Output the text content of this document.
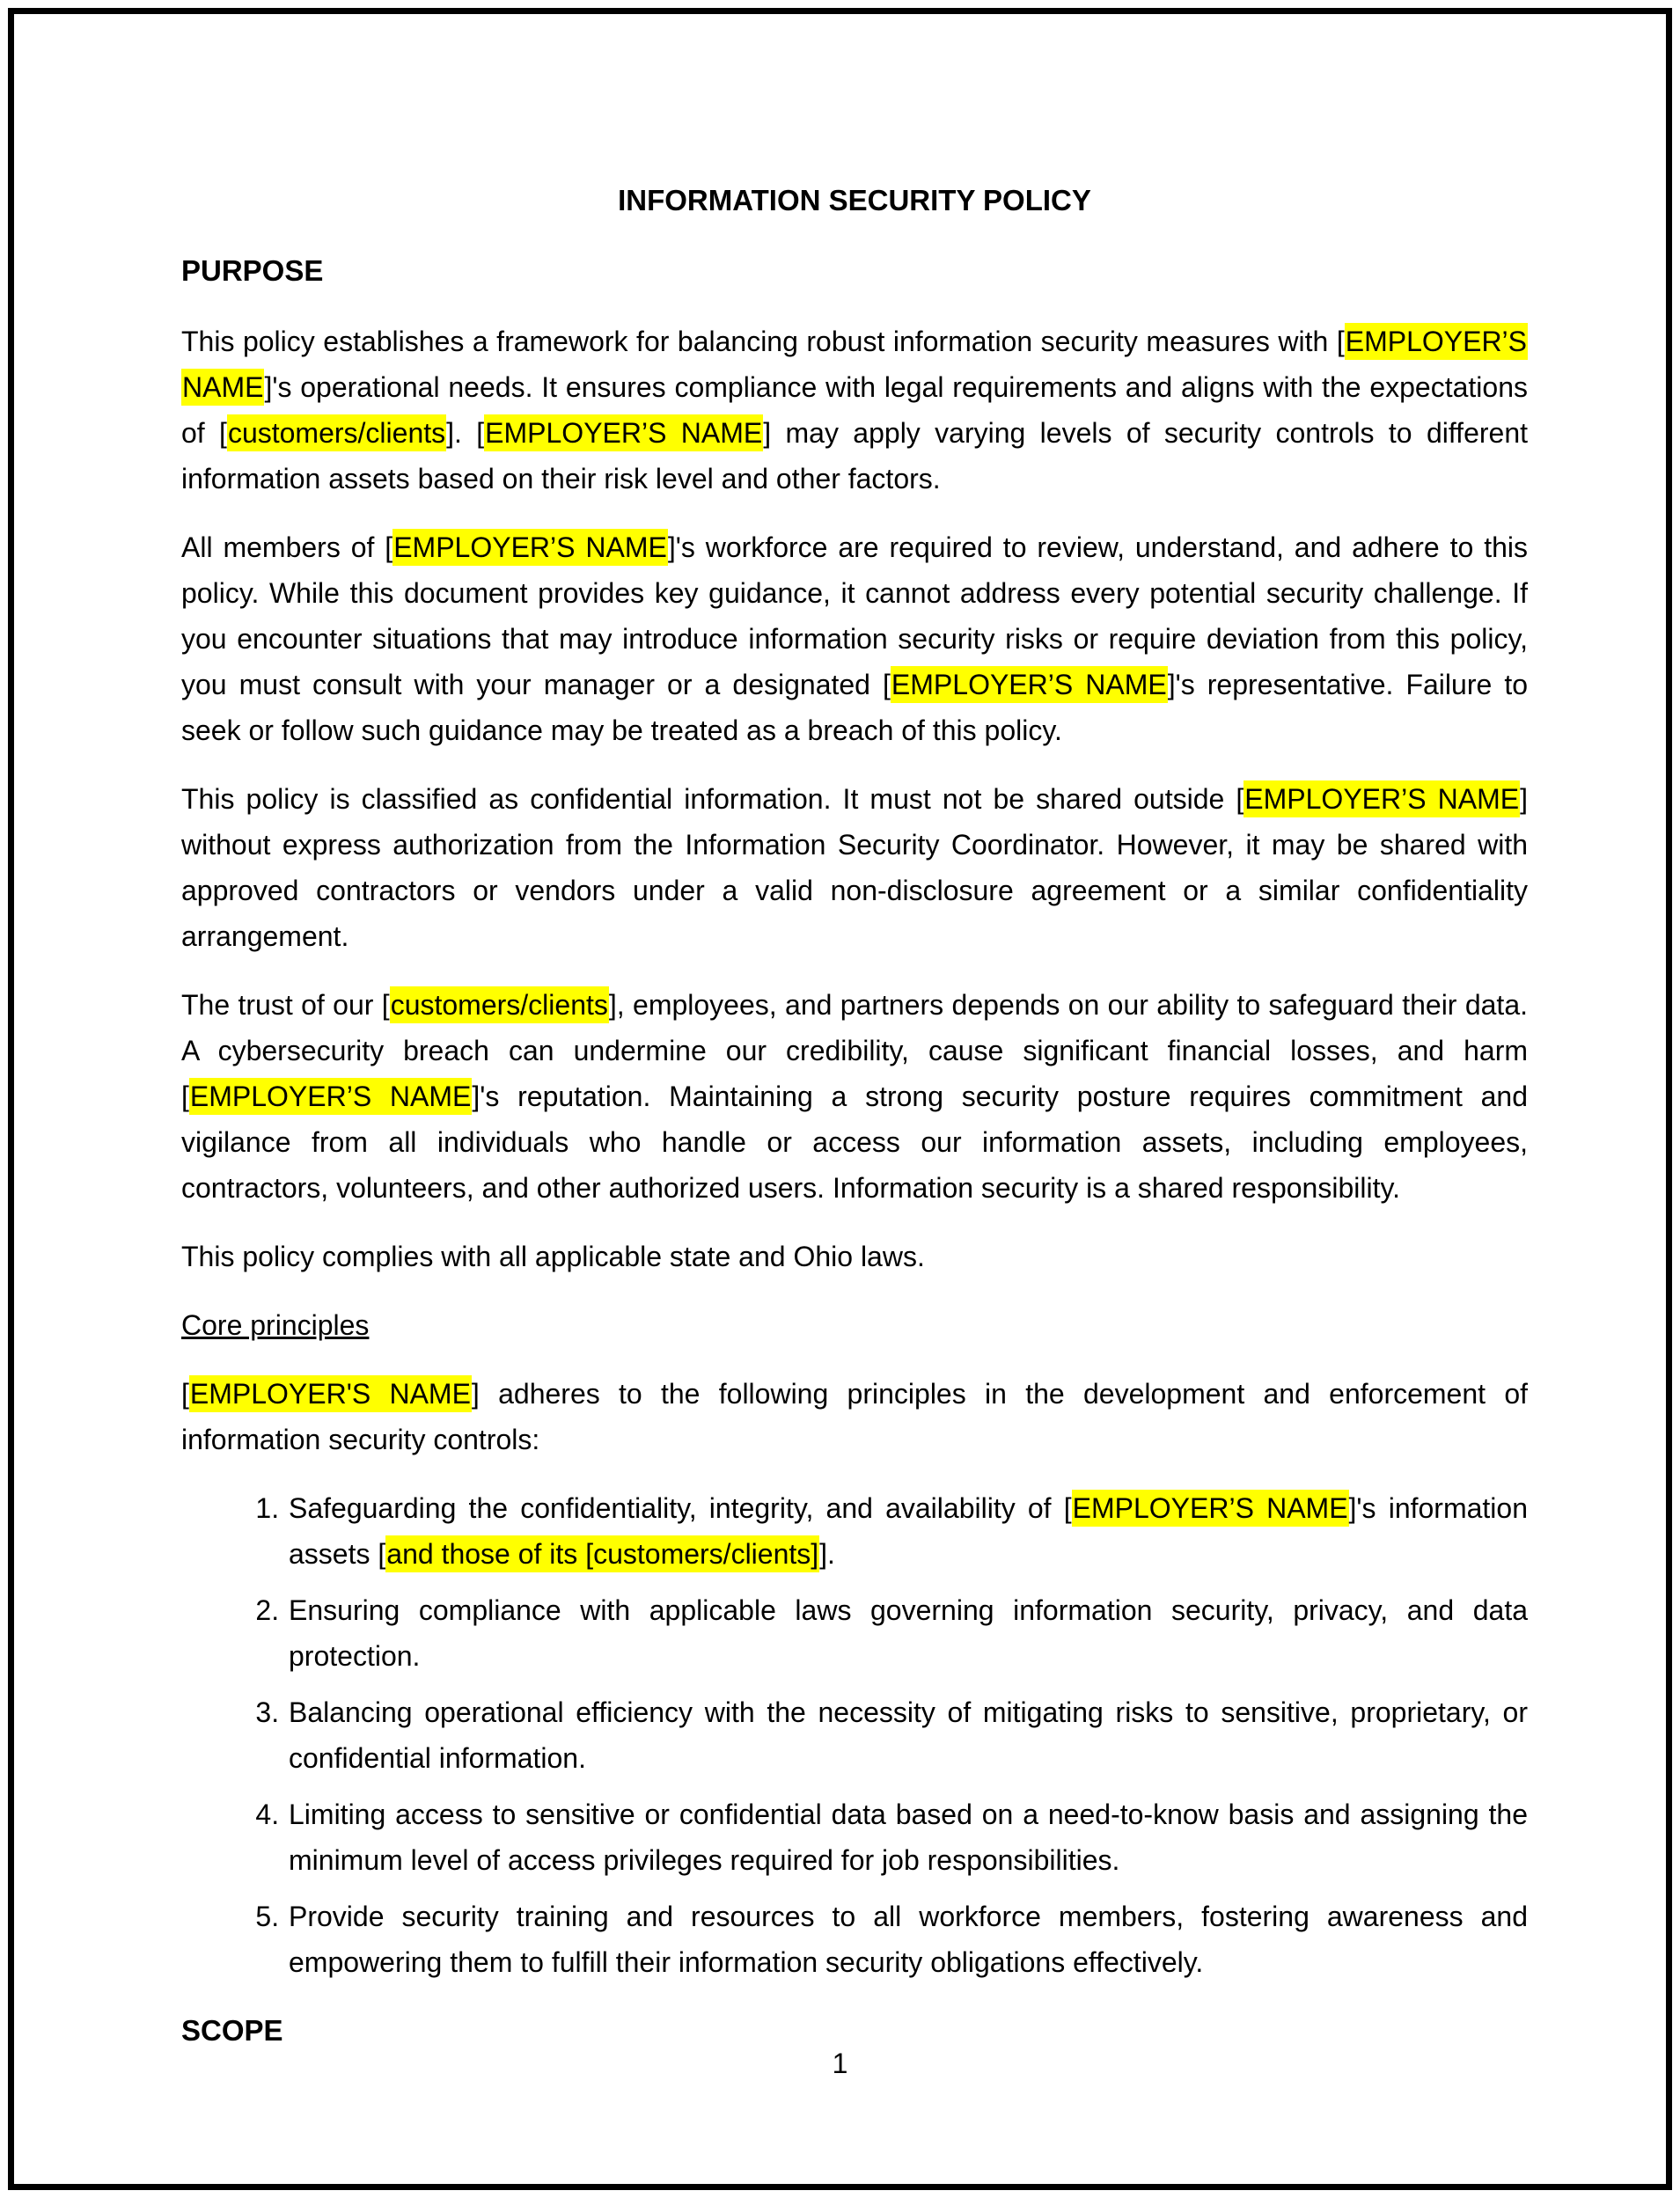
INFORMATION SECURITY POLICY
PURPOSE

This policy establishes a framework for balancing robust information security measures with [EMPLOYER’S NAME]'s operational needs. It ensures compliance with legal requirements and aligns with the expectations of [customers/clients]. [EMPLOYER’S NAME] may apply varying levels of security controls to different information assets based on their risk level and other factors.

All members of [EMPLOYER’S NAME]'s workforce are required to review, understand, and adhere to this policy. While this document provides key guidance, it cannot address every potential security challenge. If you encounter situations that may introduce information security risks or require deviation from this policy, you must consult with your manager or a designated [EMPLOYER’S NAME]'s representative. Failure to seek or follow such guidance may be treated as a breach of this policy.

This policy is classified as confidential information. It must not be shared outside [EMPLOYER’S NAME] without express authorization from the Information Security Coordinator. However, it may be shared with approved contractors or vendors under a valid non-disclosure agreement or a similar confidentiality arrangement.

The trust of our [customers/clients], employees, and partners depends on our ability to safeguard their data. A cybersecurity breach can undermine our credibility, cause significant financial losses, and harm [EMPLOYER’S NAME]'s reputation. Maintaining a strong security posture requires commitment and vigilance from all individuals who handle or access our information assets, including employees, contractors, volunteers, and other authorized users. Information security is a shared responsibility.

This policy complies with all applicable state and Ohio laws.

Core principles

[EMPLOYER'S NAME] adheres to the following principles in the development and enforcement of information security controls:

1. Safeguarding the confidentiality, integrity, and availability of [EMPLOYER’S NAME]'s information assets [and those of its [customers/clients]].
2. Ensuring compliance with applicable laws governing information security, privacy, and data protection.
3. Balancing operational efficiency with the necessity of mitigating risks to sensitive, proprietary, or confidential information.
4. Limiting access to sensitive or confidential data based on a need-to-know basis and assigning the minimum level of access privileges required for job responsibilities.
5. Provide security training and resources to all workforce members, fostering awareness and empowering them to fulfill their information security obligations effectively.
SCOPE
1
